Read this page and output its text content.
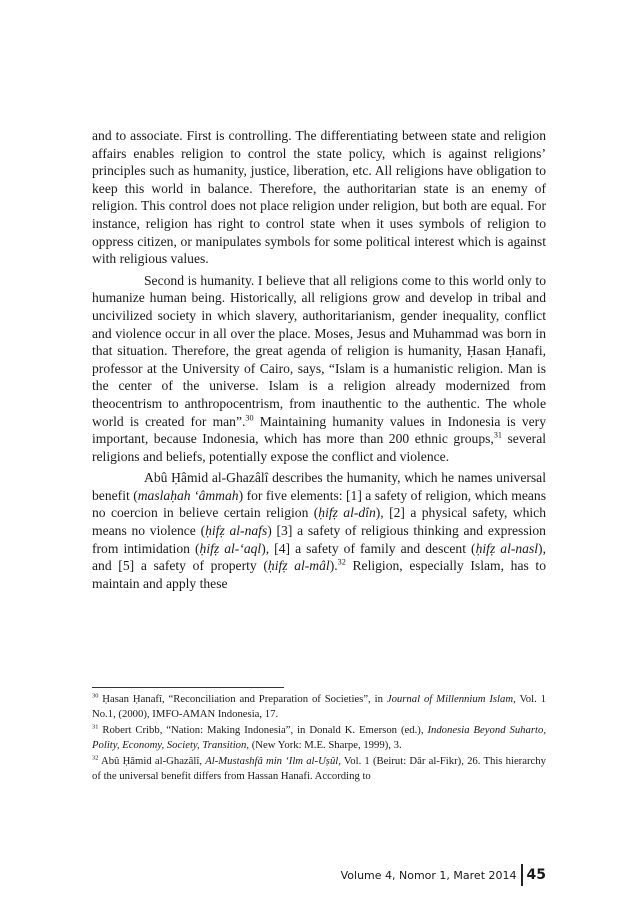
and to associate. First is controlling. The differentiating between state and religion affairs enables religion to control the state policy, which is against religions’ principles such as humanity, justice, liberation, etc. All religions have obligation to keep this world in balance. Therefore, the authoritarian state is an enemy of religion. This control does not place religion under religion, but both are equal. For instance, religion has right to control state when it uses symbols of religion to oppress citizen, or manipulates symbols for some political interest which is against with religious values.

Second is humanity. I believe that all religions come to this world only to humanize human being. Historically, all religions grow and develop in tribal and uncivilized society in which slavery, authoritarianism, gender inequality, conflict and violence occur in all over the place. Moses, Jesus and Muhammad was born in that situation. Therefore, the great agenda of religion is humanity, Ḥasan Ḥanafi, professor at the University of Cairo, says, “Islam is a humanistic religion. Man is the center of the universe. Islam is a religion already modernized from theocentrism to anthropocentrism, from inauthentic to the authentic. The whole world is created for man”.$^{30}$ Maintaining humanity values in Indonesia is very important, because Indonesia, which has more than 200 ethnic groups,$^{31}$ several religions and beliefs, potentially expose the conflict and violence.

Abû Ḥâmid al-Ghazâlî describes the humanity, which he names universal benefit (maslaḥah ‘âmmah) for five elements: [1] a safety of religion, which means no coercion in believe certain religion (ḥifẓ al-dîn), [2] a physical safety, which means no violence (ḥifẓ al-nafs) [3] a safety of religious thinking and expression from intimidation (ḥifẓ al-‘aql), [4] a safety of family and descent (ḥifẓ al-nasl), and [5] a safety of property (ḥifẓ al-mâl).$^{32}$ Religion, especially Islam, has to maintain and apply these

$^{30}$ Ḥasan Ḥanafî, “Reconciliation and Preparation of Societies”, in Journal of Millennium Islam, Vol. 1 No.1, (2000), IMFO-AMAN Indonesia, 17.

$^{31}$ Robert Cribb, “Nation: Making Indonesia”, in Donald K. Emerson (ed.), Indonesia Beyond Suharto, Polity, Economy, Society, Transition, (New York: M.E. Sharpe, 1999), 3.

$^{32}$ Abû Ḥâmid al-Ghazâlî, Al-Mustashfâ min ‘Ilm al-Uṣûl, Vol. 1 (Beirut: Dâr al-Fikr), 26. This hierarchy of the universal benefit differs from Hassan Hanafi. According to

Volume 4, Nomor 1, Maret 2014 45
